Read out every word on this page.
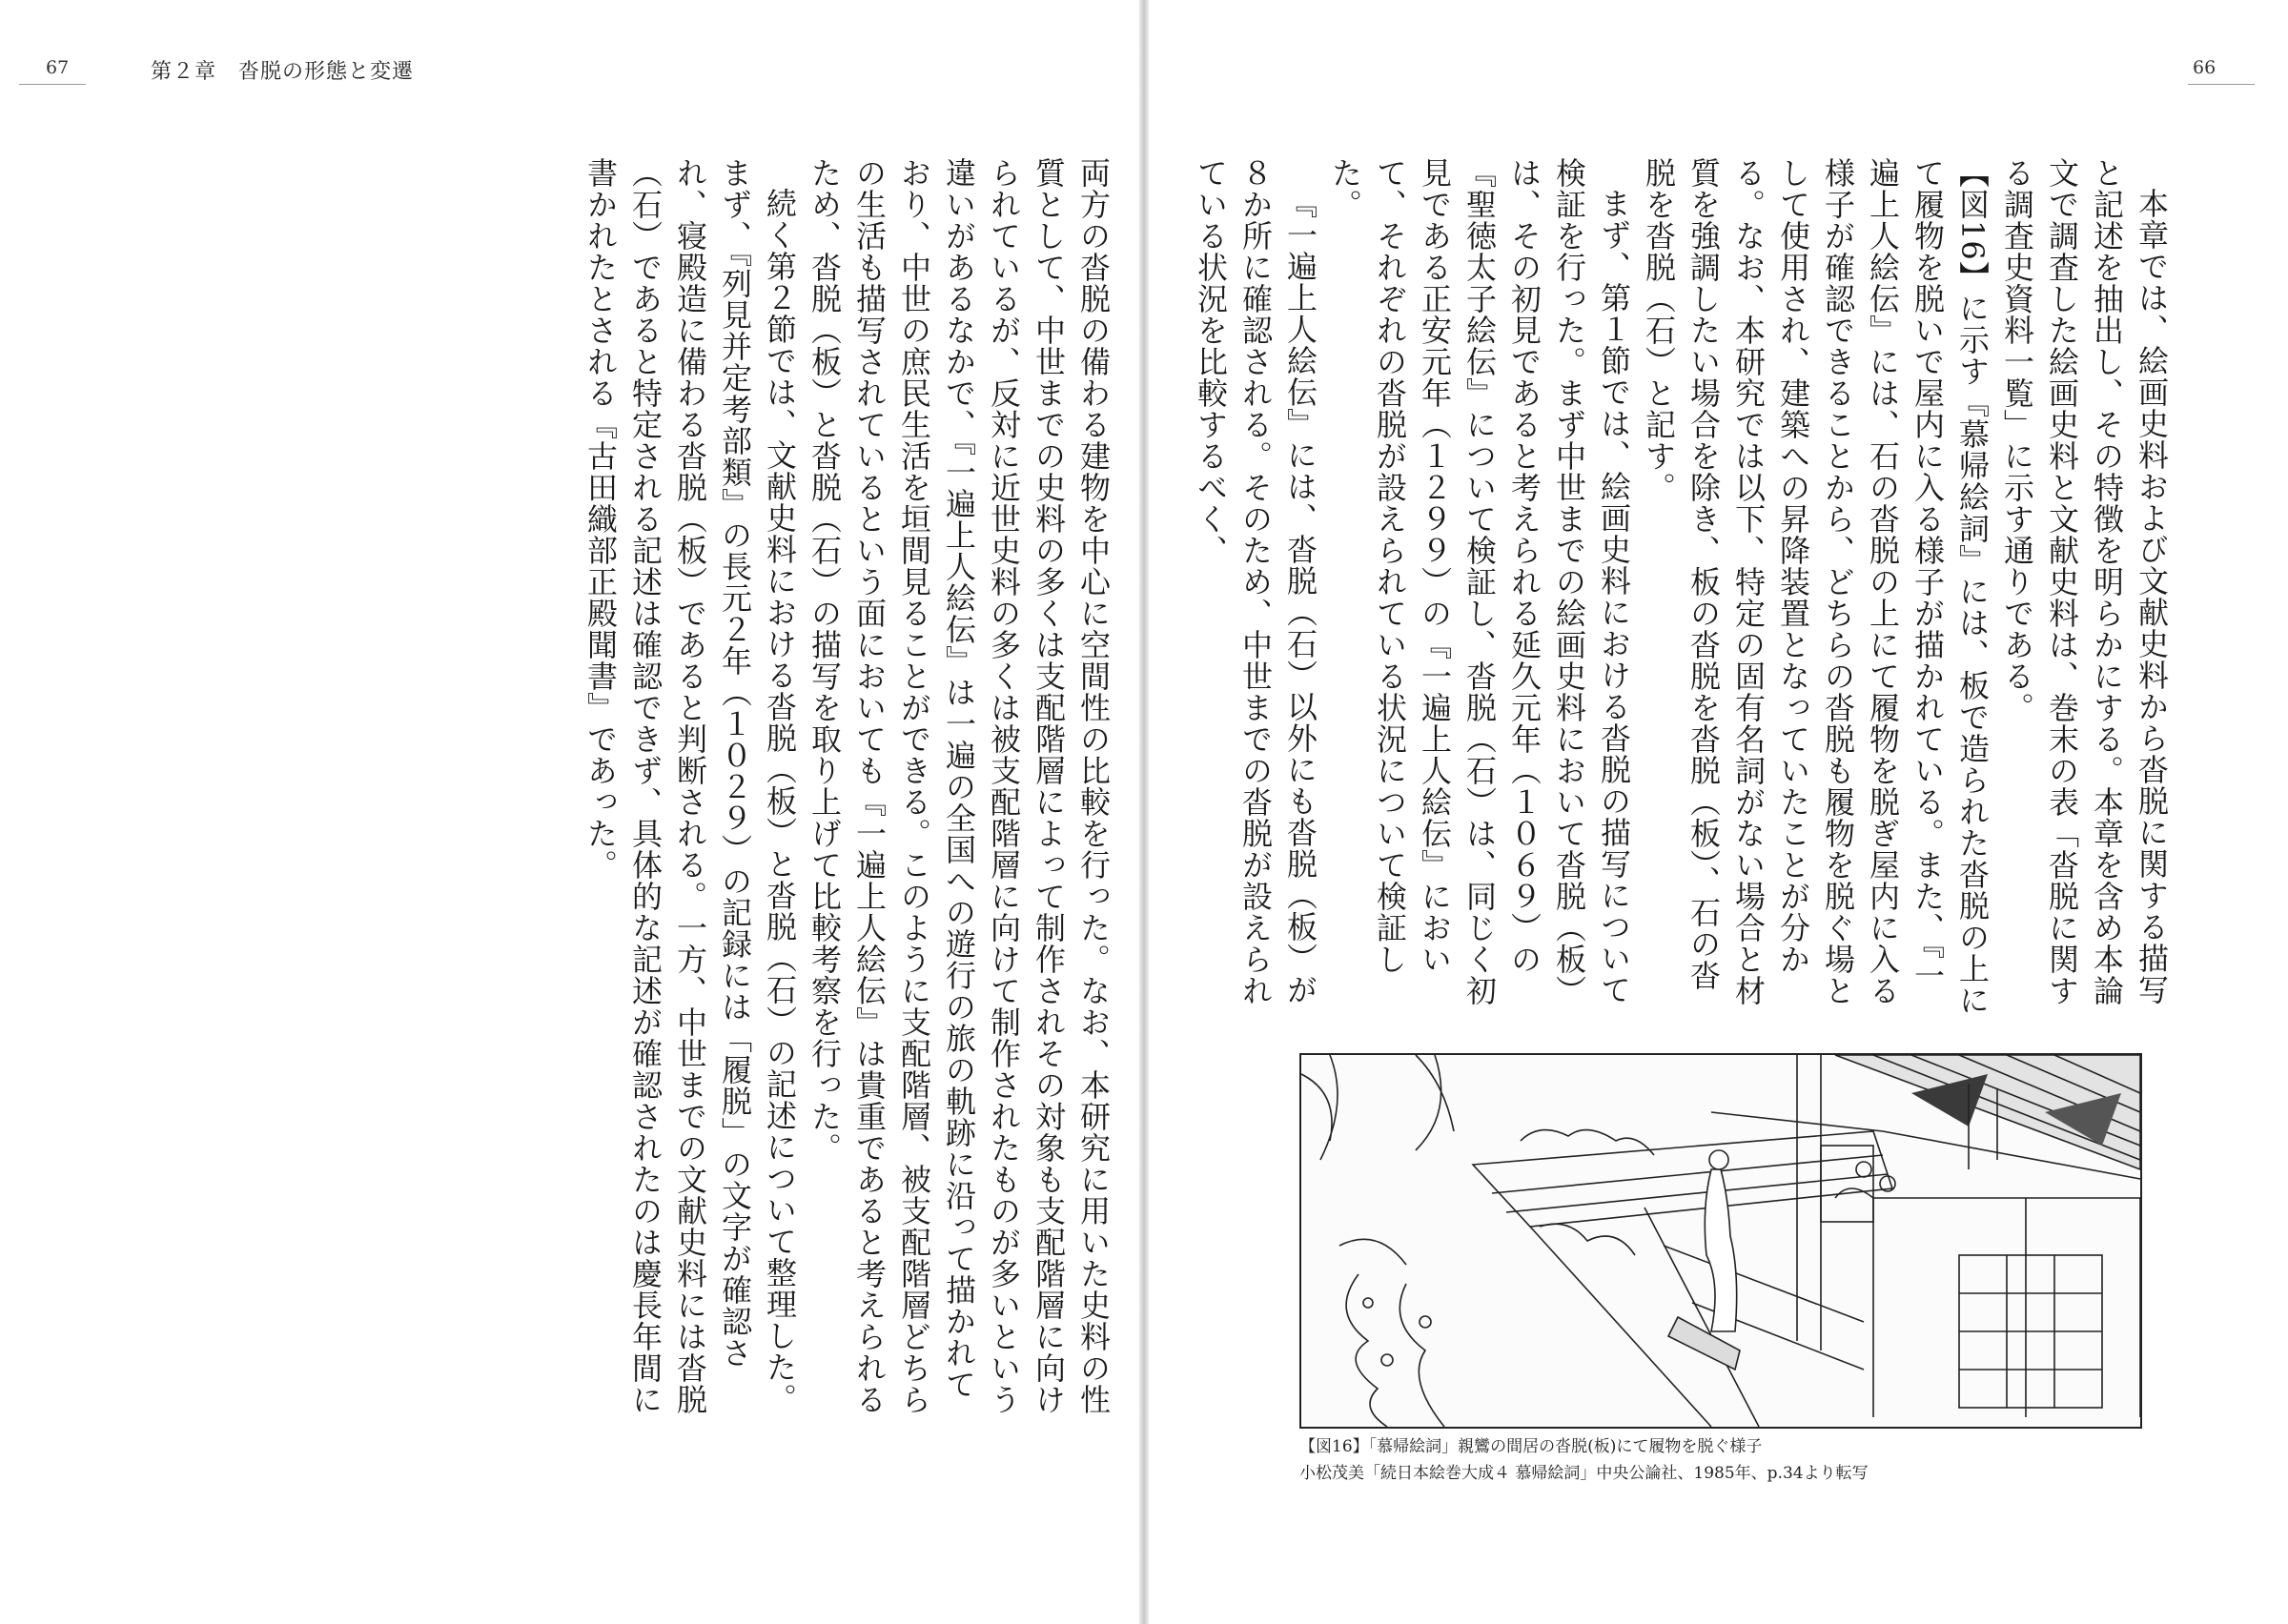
67	第２章　沓脱の形態と変遷

両方の沓脱の備わる建物を中心に空間性の比較を行った。なお、本研究に用いた史料の性質として、中世までの史料の多くは支配階層によって制作されその対象も支配階層に向けられているが、反対に近世史料の多くは被支配階層に向けて制作されたものが多いという違いがあるなかで、『一遍上人絵伝』は一遍の全国への遊行の旅の軌跡に沿って描かれており、中世の庶民生活を垣間見ることができる。このように支配階層、被支配階層どちらの生活も描写されているという面においても『一遍上人絵伝』は貴重であると考えられるため、沓脱（板）と沓脱（石）の描写を取り上げて比較考察を行った。

続く第２節では、文献史料における沓脱（板）と沓脱（石）の記述について整理した。まず、『列見并定考部類』の長元２年（１０２９）の記録には「履脱」の文字が確認され、寝殿造に備わる沓脱（板）であると判断される。一方、中世までの文献史料には沓脱（石）であると特定される記述は確認できず、具体的な記述が確認されたのは慶長年間に書かれたとされる『古田織部正殿聞書』であった。

66

本章では、絵画史料および文献史料から沓脱に関する描写と記述を抽出し、その特徴を明らかにする。本章を含め本論文で調査した絵画史料と文献史料は、巻末の表「沓脱に関する調査史資料一覧」に示す通りである。

【図16】に示す『慕帰絵詞』には、板で造られた沓脱の上にて履物を脱いで屋内に入る様子が描かれている。また、『一遍上人絵伝』には、石の沓脱の上にて履物を脱ぎ屋内に入る様子が確認できることから、どちらの沓脱も履物を脱ぐ場として使用され、建築への昇降装置となっていたことが分かる。なお、本研究では以下、特定の固有名詞がない場合と材質を強調したい場合を除き、板の沓脱を沓脱（板）、石の沓脱を沓脱（石）と記す。

まず、第１節では、絵画史料における沓脱の描写について検証を行った。まず中世までの絵画史料において沓脱（板）は、その初見であると考えられる延久元年（１０６９）の『聖徳太子絵伝』について検証し、沓脱（石）は、同じく初見である正安元年（１２９９）の『一遍上人絵伝』において、それぞれの沓脱が設えられている状況について検証した。

『一遍上人絵伝』には、沓脱（石）以外にも沓脱（板）が８か所に確認される。そのため、中世までの沓脱が設えられている状況を比較するべく、

【図16】「慕帰絵詞」親鸞の間居の沓脱(板)にて履物を脱ぐ様子
小松茂美「続日本絵巻大成４ 慕帰絵詞」中央公論社、1985年、p.34より転写
